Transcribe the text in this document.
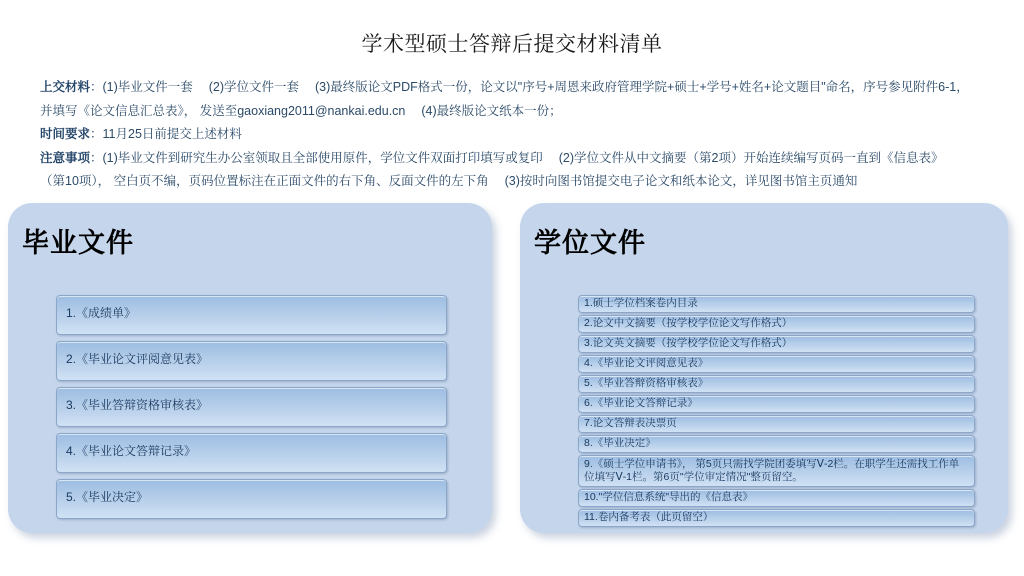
学术型硕士答辩后提交材料清单
上交材料：(1)毕业文件一套　 (2)学位文件一套　 (3)最终版论文PDF格式一份，论文以"序号+周恩来政府管理学院+硕士+学号+姓名+论文题目"命名，序号参见附件6-1，
并填写《论文信息汇总表》， 发送至gaoxiang2011@nankai.edu.cn　 (4)最终版论文纸本一份；
时间要求：11月25日前提交上述材料
注意事项：(1)毕业文件到研究生办公室领取且全部使用原件，学位文件双面打印填写或复印　 (2)学位文件从中文摘要（第2项）开始连续编写页码一直到《信息表》
（第10项）， 空白页不编，页码位置标注在正面文件的右下角、反面文件的左下角　 (3)按时向图书馆提交电子论文和纸本论文，详见图书馆主页通知
毕业文件
1.《成绩单》
2.《毕业论文评阅意见表》
3.《毕业答辩资格审核表》
4.《毕业论文答辩记录》
5.《毕业决定》
学位文件
1.硕士学位档案卷内目录
2.论文中文摘要（按学校学位论文写作格式）
3.论文英文摘要（按学校学位论文写作格式）
4.《毕业论文评阅意见表》
5.《毕业答辩资格审核表》
6.《毕业论文答辩记录》
7.论文答辩表决票页
8.《毕业决定》
9.《硕士学位申请书》， 第5页只需找学院团委填写Ⅴ-2栏。在职学生还需找工作单位填写Ⅴ-1栏。第6页"学位审定情况"整页留空。
10."学位信息系统"导出的《信息表》
11.卷内备考表（此页留空）
